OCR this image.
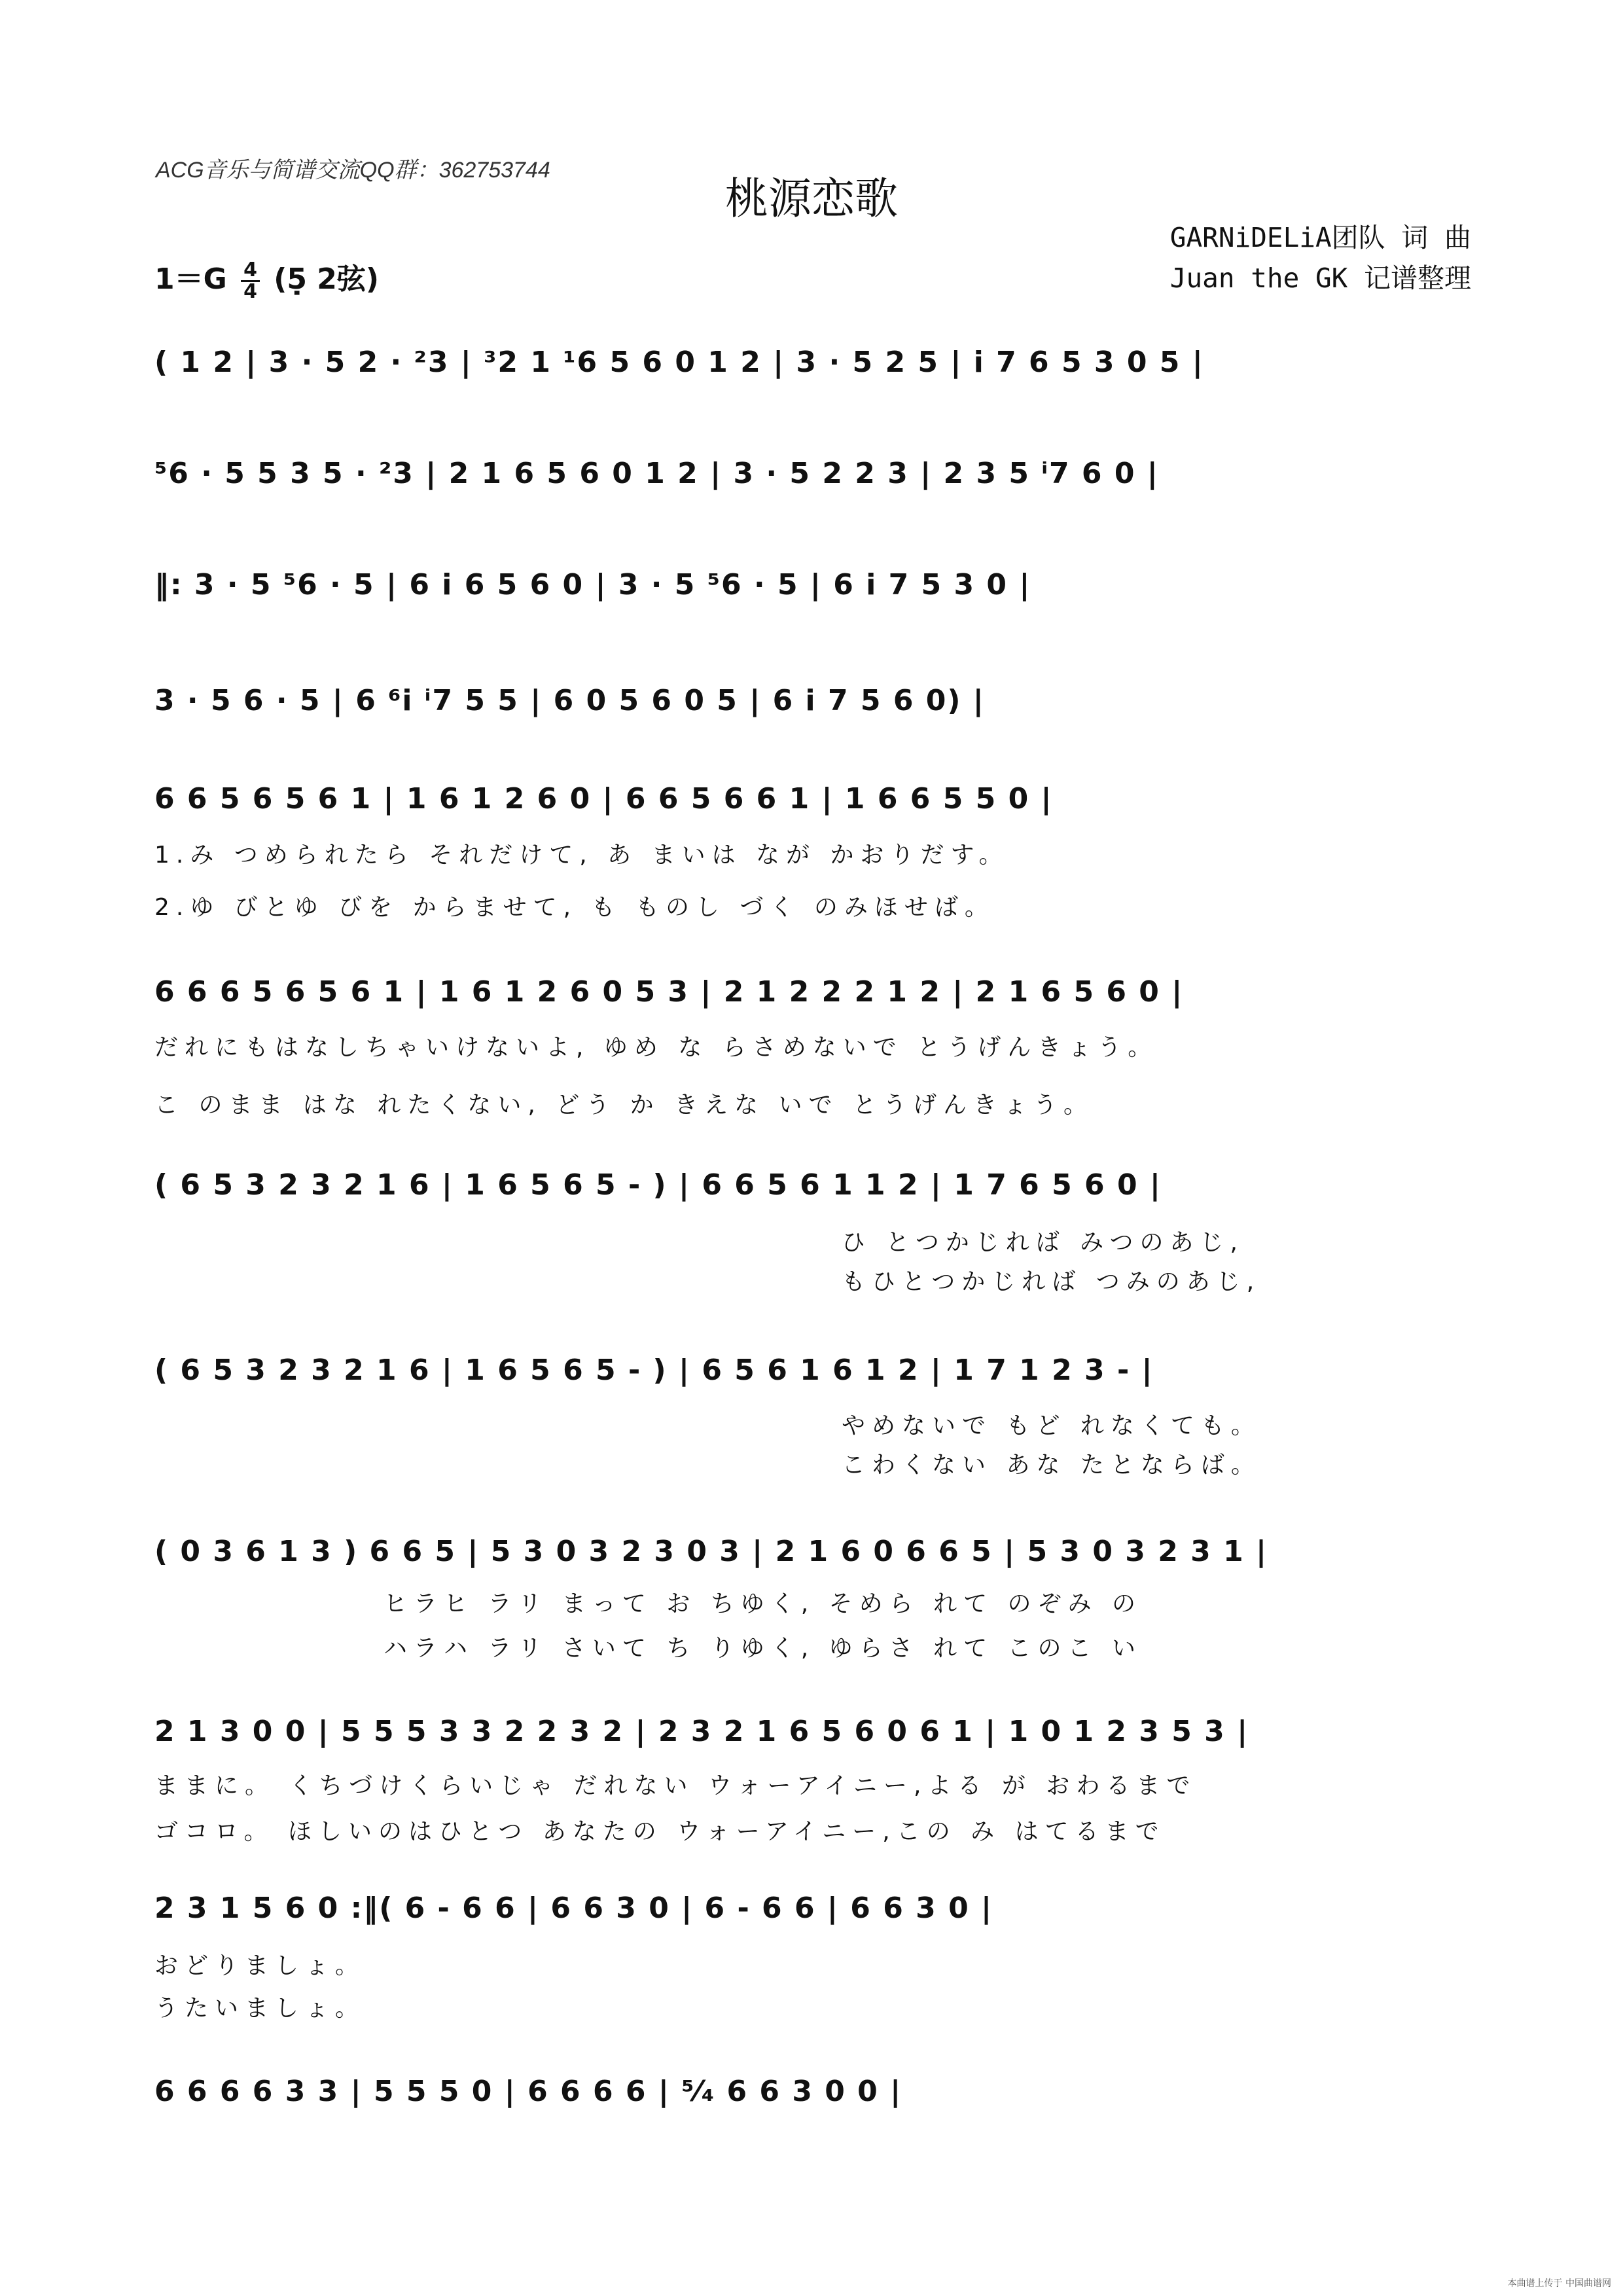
ACG音乐与简谱交流QQ群：362753744
桃源恋歌
GARNiDELiA团队 词 曲
Juan the GK 记谱整理
$1=G \frac{4}{4}$ (5̣ 2弦)
( 1 2 | 3 · 5 2 · ²3 | ³2 1 ¹6 5 6 0 1 2 | 3 · 5 2 5 | i 7 6 5 3 0 5 |
⁵6 · 5 5 3 5 · ²3 | 2 1 6 5 6 0 1 2 | 3 · 5 2 2 3 | 2 3 5 ⁱ7 6 0 |
‖: 3 · 5 ⁵6 · 5 | 6 i 6 5 6 0 | 3 · 5 ⁵6 · 5 | 6 i 7 5 3 0 |
3 · 5 6 · 5 | 6 ⁶i ⁱ7 5 5 | 6 0 5 6 0 5 | 6 i 7 5 6 0) |
6 6 5 6 5 6 1 | 1 6 1 2 6 0 | 6 6 5 6 6 1 | 1 6 6 5 5 0 |
1.み つめられたら それだけて, あ まいは なが かおりだす。
2.ゆ びとゆ びを からませて, も ものし づく のみほせば。
6 6 6 5 6 5 6 1 | 1 6 1 2 6 0 5 3 | 2 1 2 2 2 1 2 | 2 1 6 5 6 0 |
だれにもはなしちゃいけないよ, ゆめ な らさめないで とうげんきょう。
こ のまま はな れたくない, どう か きえな いで とうげんきょう。
( 6 5 3 2 3 2 1 6 | 1 6 5 6 5 - ) | 6 6 5 6 1 1 2 | 1 7 6 5 6 0 |
ひ とつかじれば みつのあじ,
もひとつかじれば つみのあじ,
( 6 5 3 2 3 2 1 6 | 1 6 5 6 5 - ) | 6 5 6 1 6 1 2 | 1 7 1 2 3 - |
やめないで もど れなくても。
こわくない あな たとならば。
( 0 3 6 1 3 ) 6 6 5 | 5 3 0 3 2 3 0 3 | 2 1 6 0 6 6 5 | 5 3 0 3 2 3 1 |
ヒラヒ ラリ まって お ちゆく, そめら れて のぞみ の
ハラハ ラリ さいて ち りゆく, ゆらさ れて このこ い
2 1 3 0 0 | 5 5 5 3 3 2 2 3 2 | 2 3 2 1 6 5 6 0 6 1 | 1 0 1 2 3 5 3 |
ままに。 くちづけくらいじゃ だれない ウォーアイニー,よる が おわるまで
ゴコロ。 ほしいのはひとつ あなたの ウォーアイニー,この み はてるまで
2 3 1 5 6 0 :‖( 6 - 6 6 | 6 6 3 0 | 6 - 6 6 | 6 6 3 0 |
おどりましょ。
うたいましょ。
6 6 6 6 3 3 | 5 5 5 0 | 6 6 6 6 | ⁵⁄₄ 6 6 3 0 0 |
本曲谱上传于 中国曲谱网
